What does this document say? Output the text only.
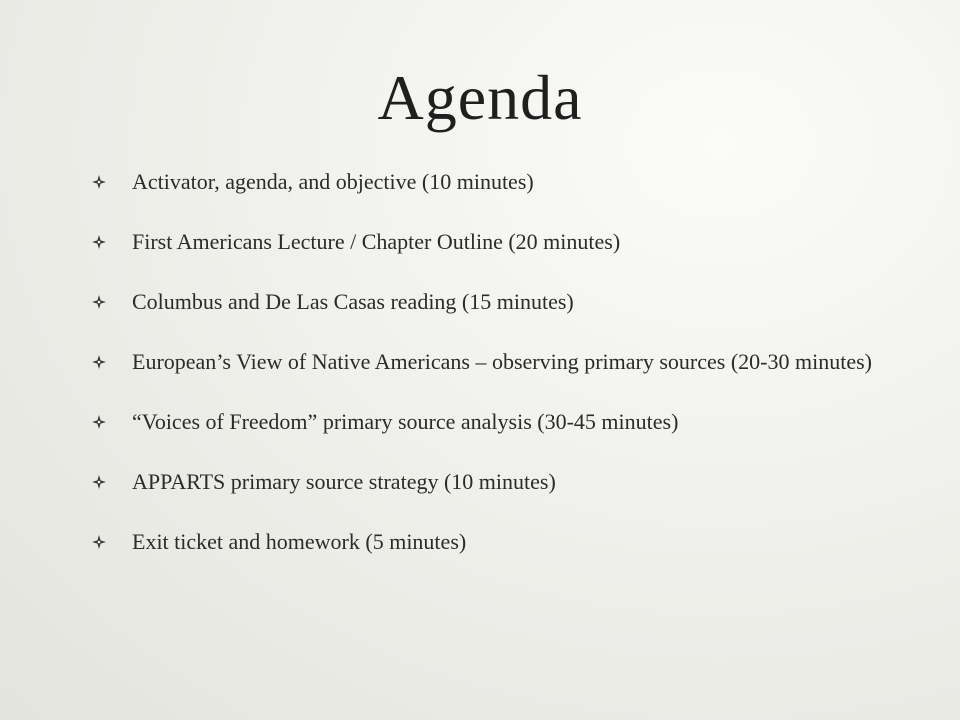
Agenda
Activator, agenda, and objective (10 minutes)
First Americans Lecture / Chapter Outline (20 minutes)
Columbus and De Las Casas reading (15 minutes)
European’s View of Native Americans – observing primary sources (20-30 minutes)
“Voices of Freedom” primary source analysis (30-45 minutes)
APPARTS primary source strategy (10 minutes)
Exit ticket and homework (5 minutes)
